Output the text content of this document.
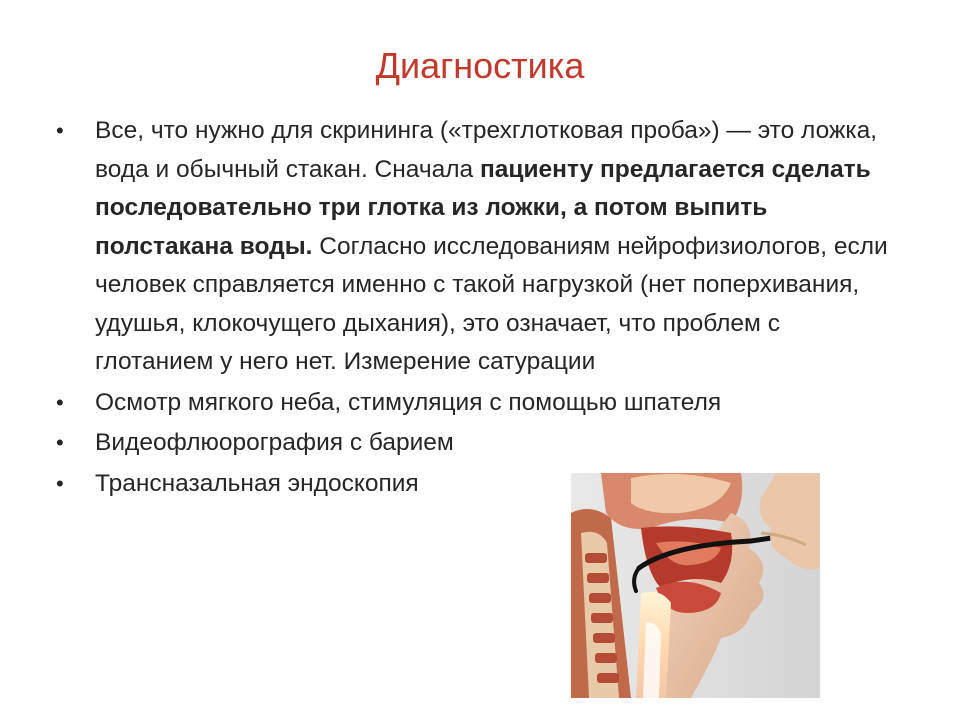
Диагностика
• Все, что нужно для скрининга («трехглотковая проба») — это ложка, вода и обычный стакан. Сначала пациенту предлагается сделать последовательно три глотка из ложки, а потом выпить полстакана воды. Согласно исследованиям нейрофизиологов, если человек справляется именно с такой нагрузкой (нет поперхивания, удушья, клокочущего дыхания), это означает, что проблем с глотанием у него нет. Измерение сатурации
• Осмотр мягкого неба, стимуляция с помощью шпателя
• Видеофлюорография с барием
• Трансназальная эндоскопия
